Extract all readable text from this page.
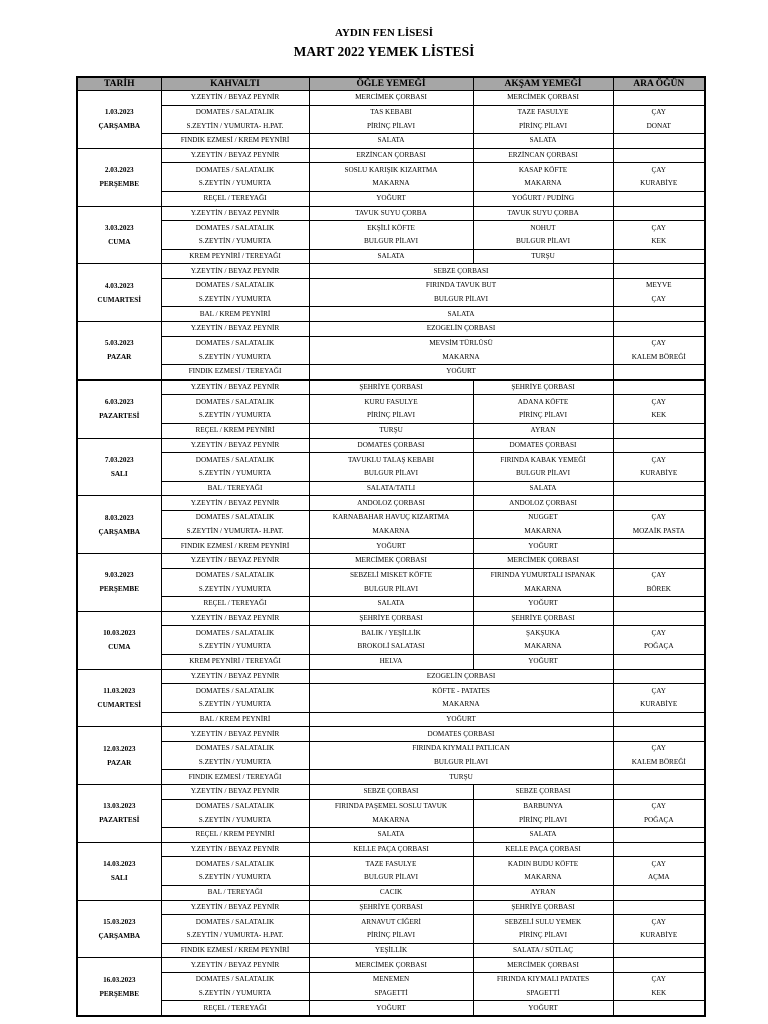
AYDIN FEN LİSESİ
MART 2022 YEMEK LİSTESİ
TARİH	KAHVALTI	ÖĞLE YEMEĞİ	AKŞAM YEMEĞİ	ARA ÖĞÜN

1.03.2023
ÇARŞAMBA	Y.ZEYTİN / BEYAZ PEYNİR	MERCİMEK ÇORBASI	MERCİMEK ÇORBASI	
	DOMATES / SALATALIK	TAS KEBABI	TAZE FASULYE	ÇAY
	S.ZEYTİN / YUMURTA- H.PAT.	PİRİNÇ PİLAVI	PİRİNÇ PİLAVI	DONAT
	FINDIK EZMESİ / KREM PEYNİRİ	SALATA	SALATA	

2.03.2023
PERŞEMBE	Y.ZEYTİN / BEYAZ PEYNİR	ERZİNCAN ÇORBASI	ERZİNCAN ÇORBASI	
	DOMATES / SALATALIK	SOSLU KARIŞIK KIZARTMA	KASAP KÖFTE	ÇAY
	S.ZEYTİN / YUMURTA	MAKARNA	MAKARNA	KURABİYE
	REÇEL / TEREYAĞI	YOĞURT	YOĞURT / PUDİNG	

3.03.2023
CUMA	Y.ZEYTİN / BEYAZ PEYNİR	TAVUK SUYU ÇORBA	TAVUK SUYU ÇORBA	
	DOMATES / SALATALIK	EKŞİLİ KÖFTE	NOHUT	ÇAY
	S.ZEYTİN / YUMURTA	BULGUR PİLAVI	BULGUR PİLAVI	KEK
	KREM PEYNİRİ / TEREYAĞI	SALATA	TURŞU	

4.03.2023
CUMARTESİ	Y.ZEYTİN / BEYAZ PEYNİR	SEBZE ÇORBASI		
	DOMATES / SALATALIK	FIRINDA TAVUK BUT		MEYVE
	S.ZEYTİN / YUMURTA	BULGUR PİLAVI		ÇAY
	BAL / KREM PEYNİRİ	SALATA		

5.03.2023
PAZAR	Y.ZEYTİN / BEYAZ PEYNİR	EZOGELİN ÇORBASI		
	DOMATES / SALATALIK	MEVSİM TÜRLÜSÜ		ÇAY
	S.ZEYTİN / YUMURTA	MAKARNA		KALEM BÖREĞİ
	FINDIK EZMESİ / TEREYAĞI	YOĞURT		

6.03.2023
PAZARTESİ	Y.ZEYTİN / BEYAZ PEYNİR	ŞEHRİYE ÇORBASI	ŞEHRİYE ÇORBASI	
	DOMATES / SALATALIK	KURU FASULYE	ADANA KÖFTE	ÇAY
	S.ZEYTİN / YUMURTA	PİRİNÇ PİLAVI	PİRİNÇ PİLAVI	KEK
	REÇEL / KREM PEYNİRİ	TURŞU	AYRAN	

7.03.2023
SALI	Y.ZEYTİN / BEYAZ PEYNİR	DOMATES ÇORBASI	DOMATES ÇORBASI	
	DOMATES / SALATALIK	TAVUKLU TALAŞ KEBABI	FIRINDA KABAK YEMEĞİ	ÇAY
	S.ZEYTİN / YUMURTA	BULGUR PİLAVI	BULGUR PİLAVI	KURABİYE
	BAL / TEREYAĞI	SALATA/TATLI	SALATA	

8.03.2023
ÇARŞAMBA	Y.ZEYTİN / BEYAZ PEYNİR	ANDOLOZ ÇORBASI	ANDOLOZ ÇORBASI	
	DOMATES / SALATALIK	KARNABAHAR HAVUÇ KIZARTMA	NUGGET	ÇAY
	S.ZEYTİN / YUMURTA- H.PAT.	MAKARNA	MAKARNA	MOZAİK PASTA
	FINDIK EZMESİ / KREM PEYNİRİ	YOĞURT	YOĞURT	

9.03.2023
PERŞEMBE	Y.ZEYTİN / BEYAZ PEYNİR	MERCİMEK ÇORBASI	MERCİMEK ÇORBASI	
	DOMATES / SALATALIK	SEBZELİ MISKET KÖFTE	FIRINDA YUMURTALI ISPANAK	ÇAY
	S.ZEYTİN / YUMURTA	BULGUR PİLAVI	MAKARNA	BÖREK
	REÇEL / TEREYAĞI	SALATA	YOĞURT	

10.03.2023
CUMA	Y.ZEYTİN / BEYAZ PEYNİR	ŞEHRİYE ÇORBASI	ŞEHRİYE ÇORBASI	
	DOMATES / SALATALIK	BALIK / YEŞİLLİK	ŞAKŞUKA	ÇAY
	S.ZEYTİN / YUMURTA	BROKOLİ SALATASI	MAKARNA	POĞAÇA
	KREM PEYNİRİ / TEREYAĞI	HELVA	YOĞURT	

11.03.2023
CUMARTESİ	Y.ZEYTİN / BEYAZ PEYNİR	EZOGELİN ÇORBASI		
	DOMATES / SALATALIK	KÖFTE - PATATES		ÇAY
	S.ZEYTİN / YUMURTA	MAKARNA		KURABİYE
	BAL / KREM PEYNİRİ	YOĞURT		

12.03.2023
PAZAR	Y.ZEYTİN / BEYAZ PEYNİR	DOMATES ÇORBASI		
	DOMATES / SALATALIK	FIRINDA KIYMALI PATLICAN		ÇAY
	S.ZEYTİN / YUMURTA	BULGUR PİLAVI		KALEM BÖREĞİ
	FINDIK EZMESİ / TEREYAĞI	TURŞU		

13.03.2023
PAZARTESİ	Y.ZEYTİN / BEYAZ PEYNİR	SEBZE ÇORBASI	SEBZE ÇORBASI	
	DOMATES / SALATALIK	FIRINDA PAŞEMEL SOSLU TAVUK	BARBUNYA	ÇAY
	S.ZEYTİN / YUMURTA	MAKARNA	PİRİNÇ PİLAVI	POĞAÇA
	REÇEL / KREM PEYNİRİ	SALATA	SALATA	

14.03.2023
SALI	Y.ZEYTİN / BEYAZ PEYNİR	KELLE PAÇA ÇORBASI	KELLE PAÇA ÇORBASI	
	DOMATES / SALATALIK	TAZE FASULYE	KADIN BUDU KÖFTE	ÇAY
	S.ZEYTİN / YUMURTA	BULGUR PİLAVI	MAKARNA	AÇMA
	BAL / TEREYAĞI	CACIK	AYRAN	

15.03.2023
ÇARŞAMBA	Y.ZEYTİN / BEYAZ PEYNİR	ŞEHRİYE ÇORBASI	ŞEHRİYE ÇORBASI	
	DOMATES / SALATALIK	ARNAVUT CİĞERİ	SEBZELİ SULU YEMEK	ÇAY
	S.ZEYTİN / YUMURTA- H.PAT.	PİRİNÇ PİLAVI	PİRİNÇ PİLAVI	KURABİYE
	FINDIK EZMESİ / KREM PEYNİRİ	YEŞİLLİK	SALATA / SÜTLAÇ	

16.03.2023
PERŞEMBE	Y.ZEYTİN / BEYAZ PEYNİR	MERCİMEK ÇORBASI	MERCİMEK ÇORBASI	
	DOMATES / SALATALIK	MENEMEN	FIRINDA KIYMALI PATATES	ÇAY
	S.ZEYTİN / YUMURTA	SPAGETTİ	SPAGETTİ	KEK
	REÇEL / TEREYAĞI	YOĞURT	YOĞURT	
